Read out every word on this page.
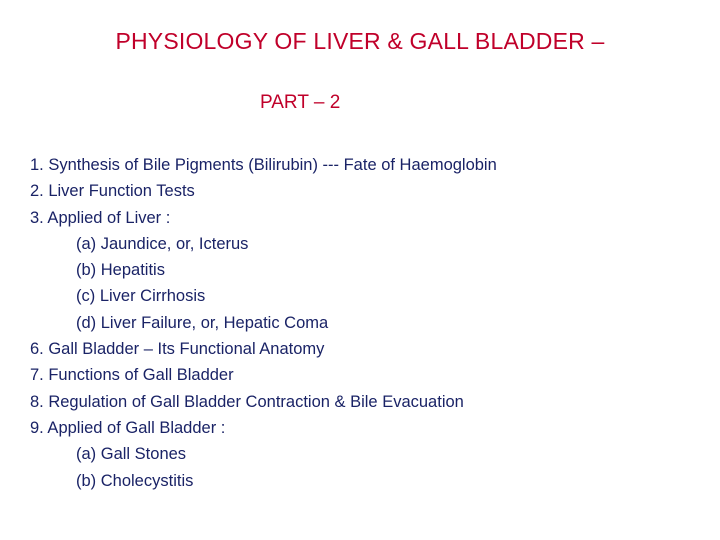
PHYSIOLOGY OF LIVER & GALL BLADDER –
PART – 2
1. Synthesis of Bile Pigments (Bilirubin) --- Fate of Haemoglobin
2. Liver Function Tests
3. Applied of Liver :
(a) Jaundice, or, Icterus
(b) Hepatitis
(c) Liver Cirrhosis
(d) Liver Failure, or, Hepatic Coma
6. Gall Bladder – Its Functional Anatomy
7. Functions of Gall Bladder
8. Regulation of Gall Bladder Contraction & Bile Evacuation
9. Applied of Gall Bladder :
(a) Gall Stones
(b) Cholecystitis
